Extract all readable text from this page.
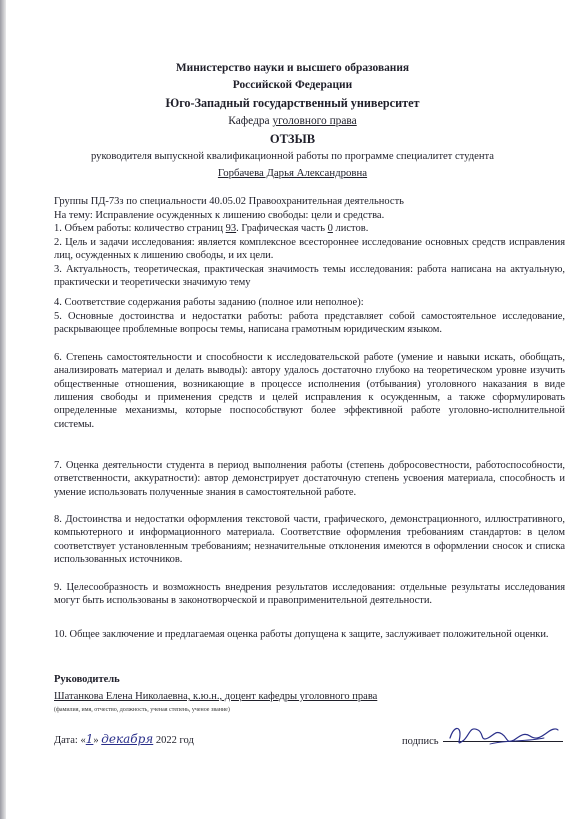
Министерство науки и высшего образования
Российской Федерации
Юго-Западный государственный университет
Кафедра уголовного права
ОТЗЫВ
руководителя выпускной квалификационной работы по программе специалитет студента
Горбачева Дарья Александровна
Группы ПД-73з по специальности 40.05.02 Правоохранительная деятельность
На тему: Исправление осужденных к лишению свободы: цели и средства.
1. Объем работы: количество страниц 93. Графическая часть 0 листов.
2. Цель и задачи исследования: является комплексное всестороннее исследование основных средств исправления лиц, осужденных к лишению свободы, и их цели.
3. Актуальность, теоретическая, практическая значимость темы исследования: работа написана на актуальную, практически и теоретически значимую тему
4. Соответствие содержания работы заданию (полное или неполное):
5. Основные достоинства и недостатки работы: работа представляет собой самостоятельное исследование, раскрывающее проблемные вопросы темы, написана грамотным юридическим языком.
6. Степень самостоятельности и способности к исследовательской работе (умение и навыки искать, обобщать, анализировать материал и делать выводы): автору удалось достаточно глубоко на теоретическом уровне изучить общественные отношения, возникающие в процессе исполнения (отбывания) уголовного наказания в виде лишения свободы и применения средств и целей исправления к осужденным, а также сформулировать определенные механизмы, которые поспособствуют более эффективной работе уголовно-исполнительной системы.
7. Оценка деятельности студента в период выполнения работы (степень добросовестности, работоспособности, ответственности, аккуратности): автор демонстрирует достаточную степень усвоения материала, способность и умение использовать полученные знания в самостоятельной работе.
8. Достоинства и недостатки оформления текстовой части, графического, демонстрационного, иллюстративного, компьютерного и информационного материала. Соответствие оформления требованиям стандартов: в целом соответствует установленным требованиям; незначительные отклонения имеются в оформлении сносок и списка использованных источников.
9. Целесообразность и возможность внедрения результатов исследования: отдельные результаты исследования могут быть использованы в законотворческой и правоприменительной деятельности.
10. Общее заключение и предлагаемая оценка работы допущена к защите, заслуживает положительной оценки.
Руководитель
Шатанкова Елена Николаевна, к.ю.н., доцент кафедры уголовного права
(фамилия, имя, отчество, должность, ученая степень, ученое звание)
Дата: «1» декабря 2022 год	подпись
